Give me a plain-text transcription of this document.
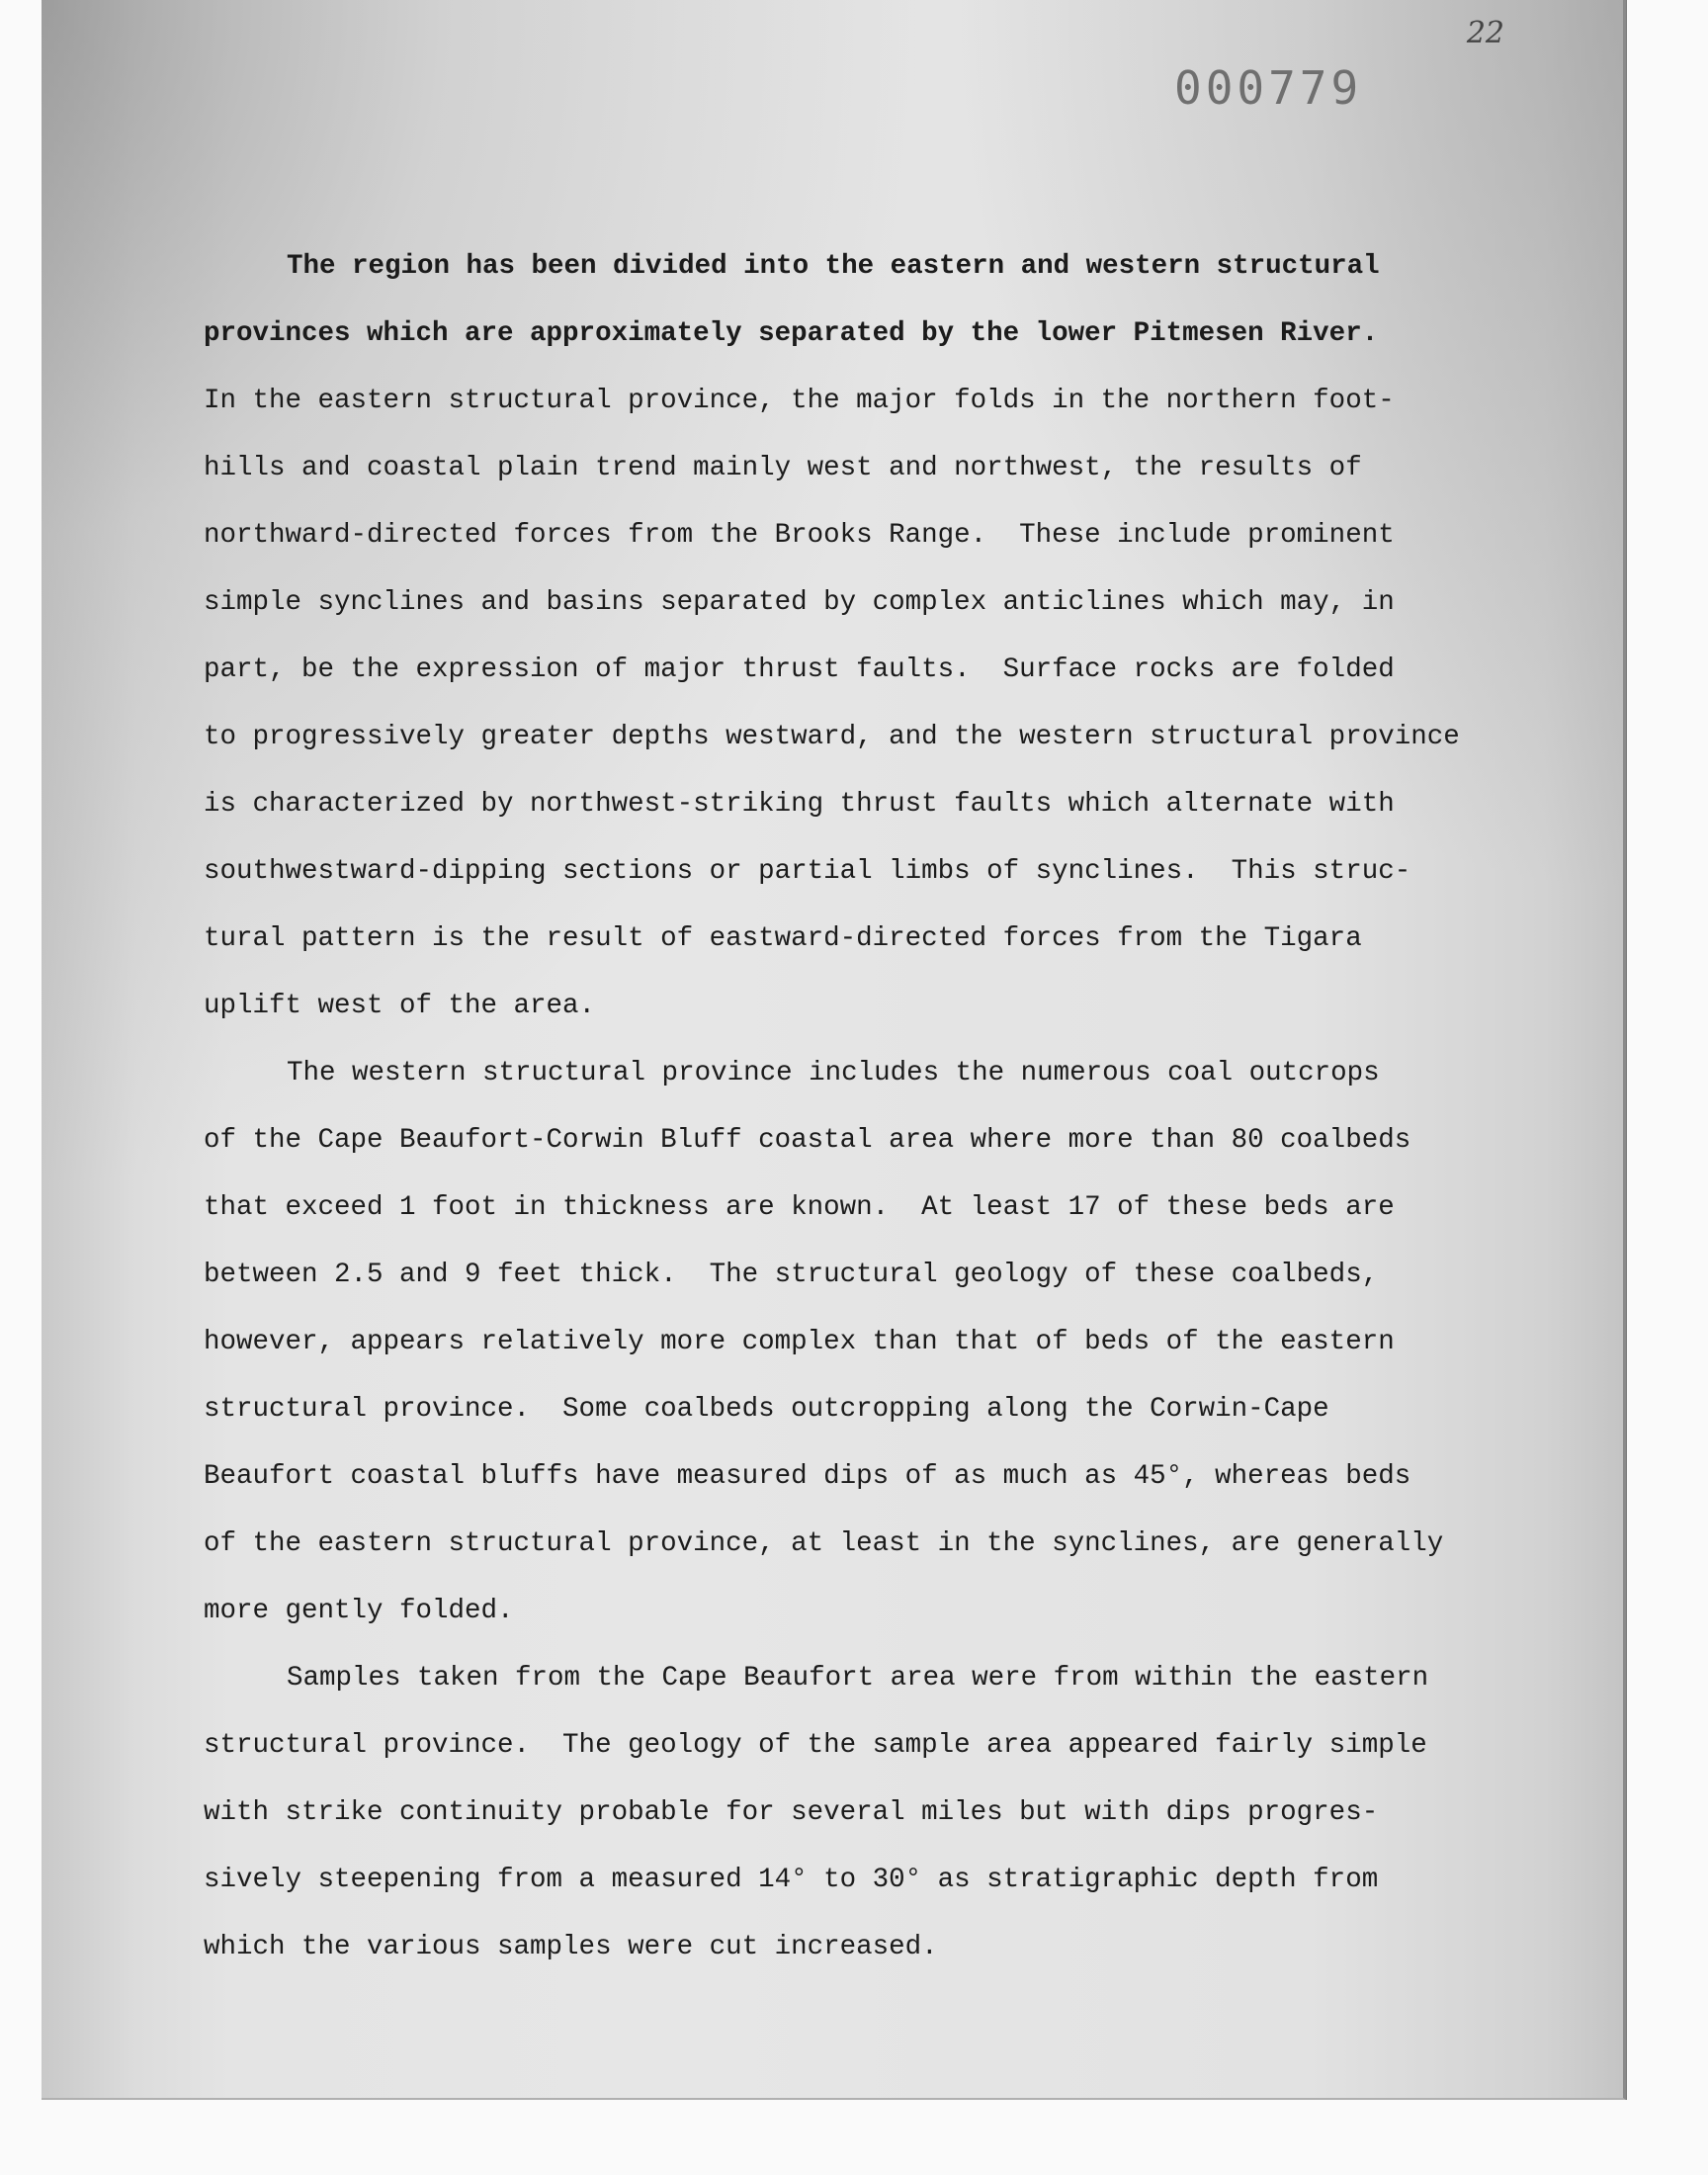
22
000779
The region has been divided into the eastern and western structural
provinces which are approximately separated by the lower Pitmesen River.
In the eastern structural province, the major folds in the northern foot-
hills and coastal plain trend mainly west and northwest, the results of
northward-directed forces from the Brooks Range.  These include prominent
simple synclines and basins separated by complex anticlines which may, in
part, be the expression of major thrust faults.  Surface rocks are folded
to progressively greater depths westward, and the western structural province
is characterized by northwest-striking thrust faults which alternate with
southwestward-dipping sections or partial limbs of synclines.  This struc-
tural pattern is the result of eastward-directed forces from the Tigara
uplift west of the area.
The western structural province includes the numerous coal outcrops
of the Cape Beaufort-Corwin Bluff coastal area where more than 80 coalbeds
that exceed 1 foot in thickness are known.  At least 17 of these beds are
between 2.5 and 9 feet thick.  The structural geology of these coalbeds,
however, appears relatively more complex than that of beds of the eastern
structural province.  Some coalbeds outcropping along the Corwin-Cape
Beaufort coastal bluffs have measured dips of as much as 45°, whereas beds
of the eastern structural province, at least in the synclines, are generally
more gently folded.
Samples taken from the Cape Beaufort area were from within the eastern
structural province.  The geology of the sample area appeared fairly simple
with strike continuity probable for several miles but with dips progres-
sively steepening from a measured 14° to 30° as stratigraphic depth from
which the various samples were cut increased.
